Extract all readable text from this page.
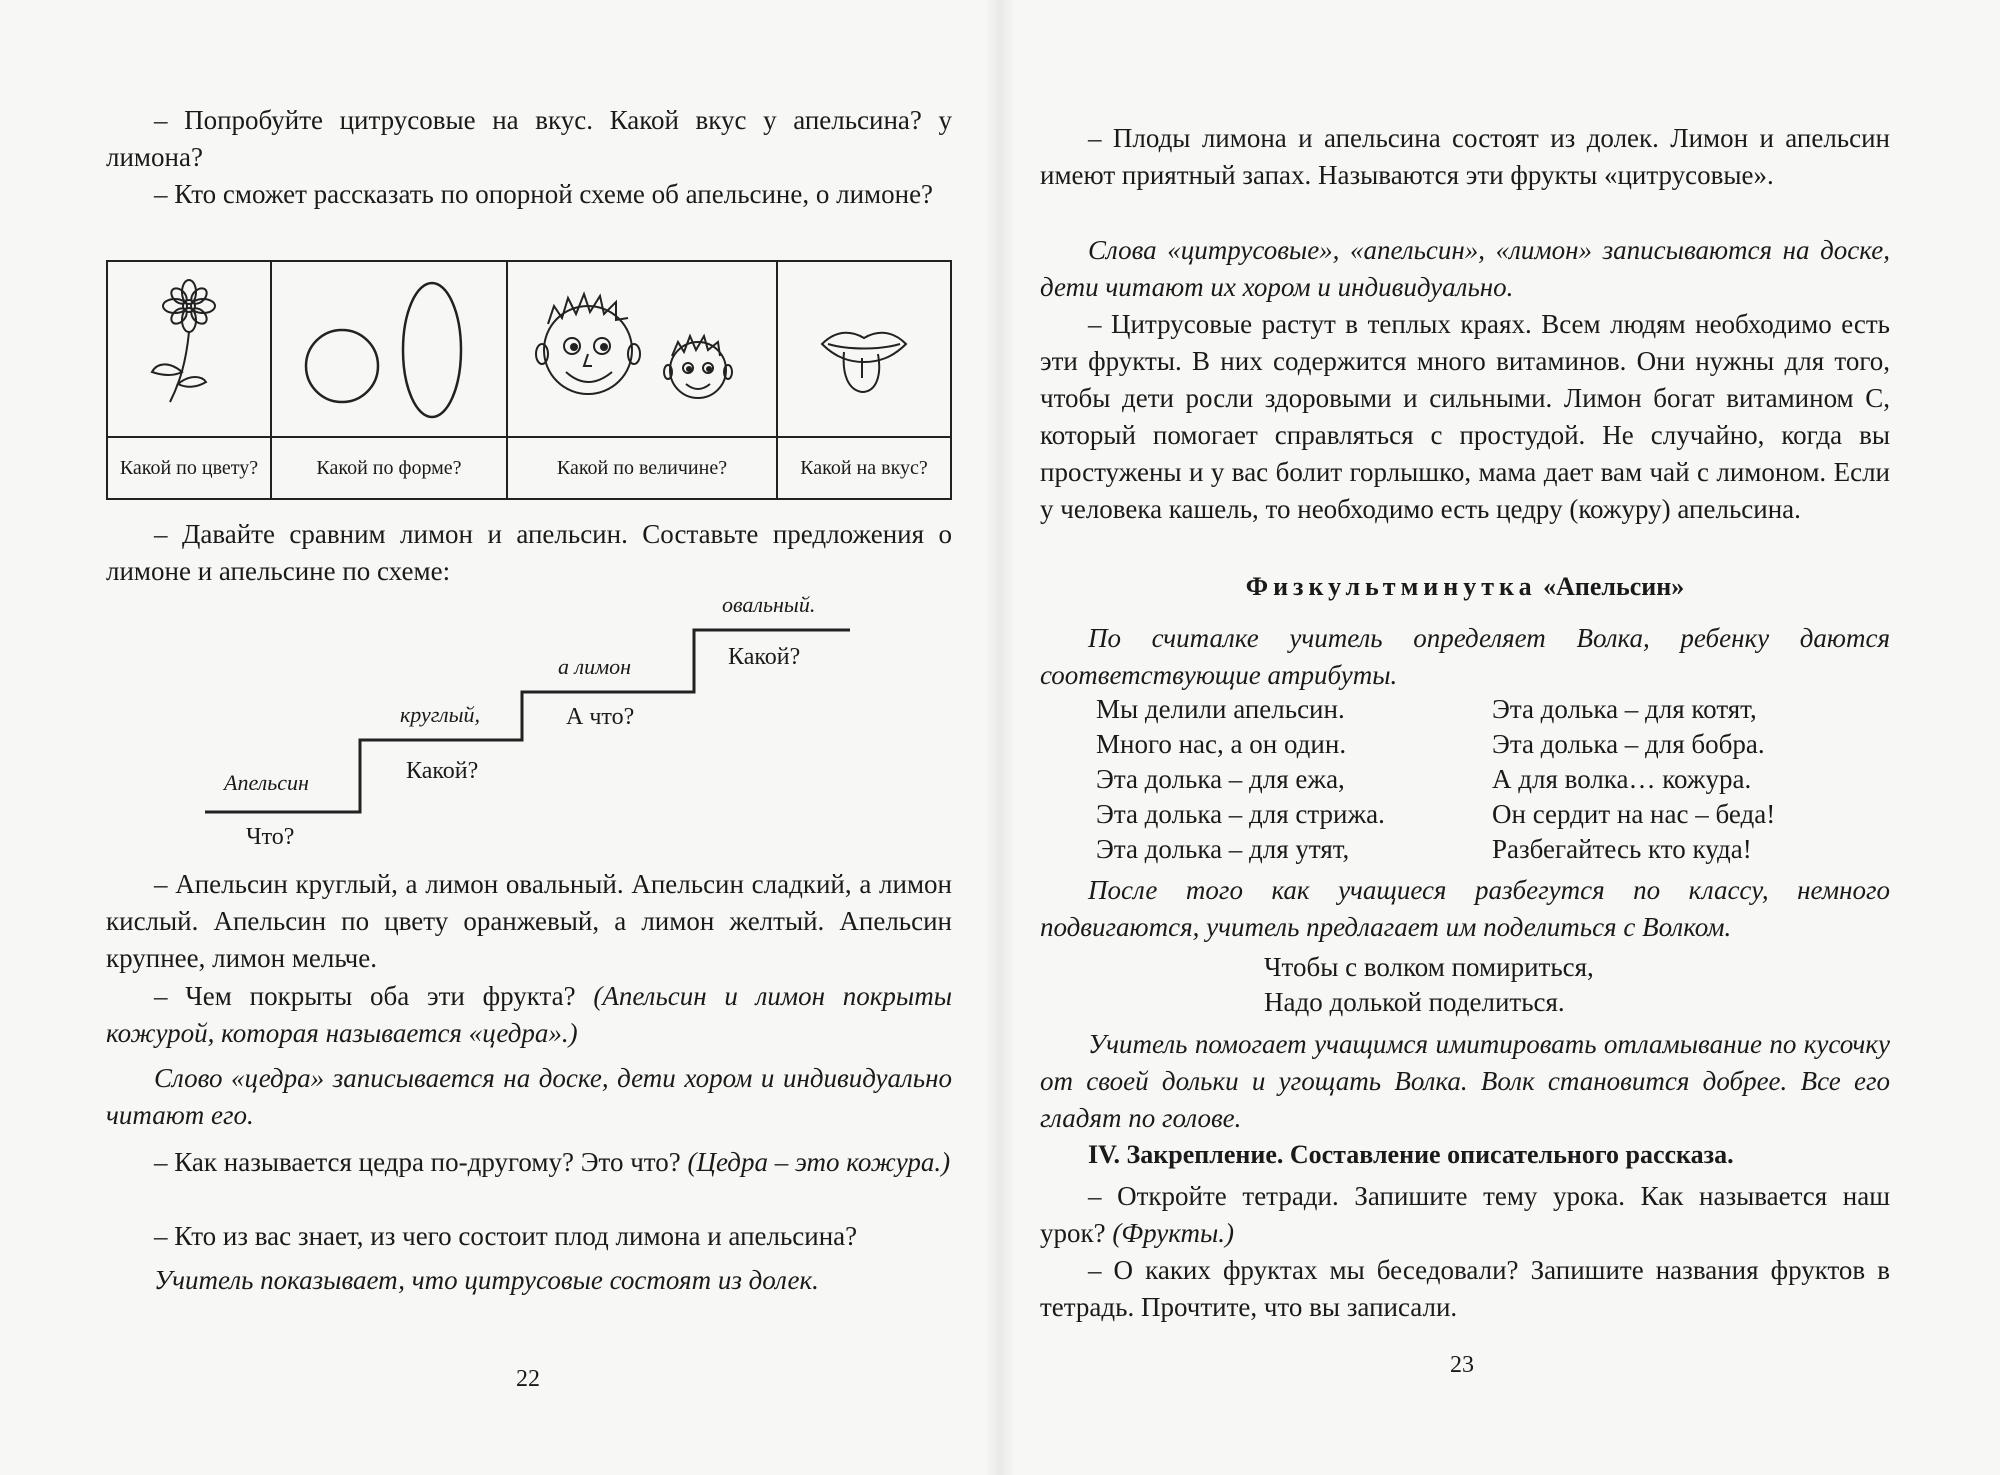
– Попробуйте цитрусовые на вкус. Какой вкус у апельсина? у лимона?

– Кто сможет рассказать по опорной схеме об апельсине, о лимоне?

Какой по цвету?	Какой по форме?	Какой по величине?	Какой на вкус?

– Давайте сравним лимон и апельсин. Составьте предложения о лимоне и апельсине по схеме:

Апельсин
Что?
круглый,
Какой?
а лимон
А что?
овальный.
Какой?

– Апельсин круглый, а лимон овальный. Апельсин сладкий, а лимон кислый. Апельсин по цвету оранжевый, а лимон желтый. Апельсин крупнее, лимон мельче.

– Чем покрыты оба эти фрукта? (Апельсин и лимон покрыты кожурой, которая называется «цедра».)

Слово «цедра» записывается на доске, дети хором и индивидуально читают его.

– Как называется цедра по-другому? Это что? (Цедра – это кожура.)

– Кто из вас знает, из чего состоит плод лимона и апельсина?

Учитель показывает, что цитрусовые состоят из долек.

22

– Плоды лимона и апельсина состоят из долек. Лимон и апельсин имеют приятный запах. Называются эти фрукты «цитрусовые».

Слова «цитрусовые», «апельсин», «лимон» записываются на доске, дети читают их хором и индивидуально.

– Цитрусовые растут в теплых краях. Всем людям необходимо есть эти фрукты. В них содержится много витаминов. Они нужны для того, чтобы дети росли здоровыми и сильными. Лимон богат витамином С, который помогает справляться с простудой. Не случайно, когда вы простужены и у вас болит горлышко, мама дает вам чай с лимоном. Если у человека кашель, то необходимо есть цедру (кожуру) апельсина.

Физкультминутка «Апельсин»

По считалке учитель определяет Волка, ребенку даются соответствующие атрибуты.

Мы делили апельсин.
Много нас, а он один.
Эта долька – для ежа,
Эта долька – для стрижа.
Эта долька – для утят,
Эта долька – для котят,
Эта долька – для бобра.
А для волка… кожура.
Он сердит на нас – беда!
Разбегайтесь кто куда!

После того как учащиеся разбегутся по классу, немного подвигаются, учитель предлагает им поделиться с Волком.

Чтобы с волком помириться,
Надо долькой поделиться.

Учитель помогает учащимся имитировать отламывание по кусочку от своей дольки и угощать Волка. Волк становится добрее. Все его гладят по голове.

IV. Закрепление. Составление описательного рассказа.

– Откройте тетради. Запишите тему урока. Как называется наш урок? (Фрукты.)

– О каких фруктах мы беседовали? Запишите названия фруктов в тетрадь. Прочтите, что вы записали.

23
